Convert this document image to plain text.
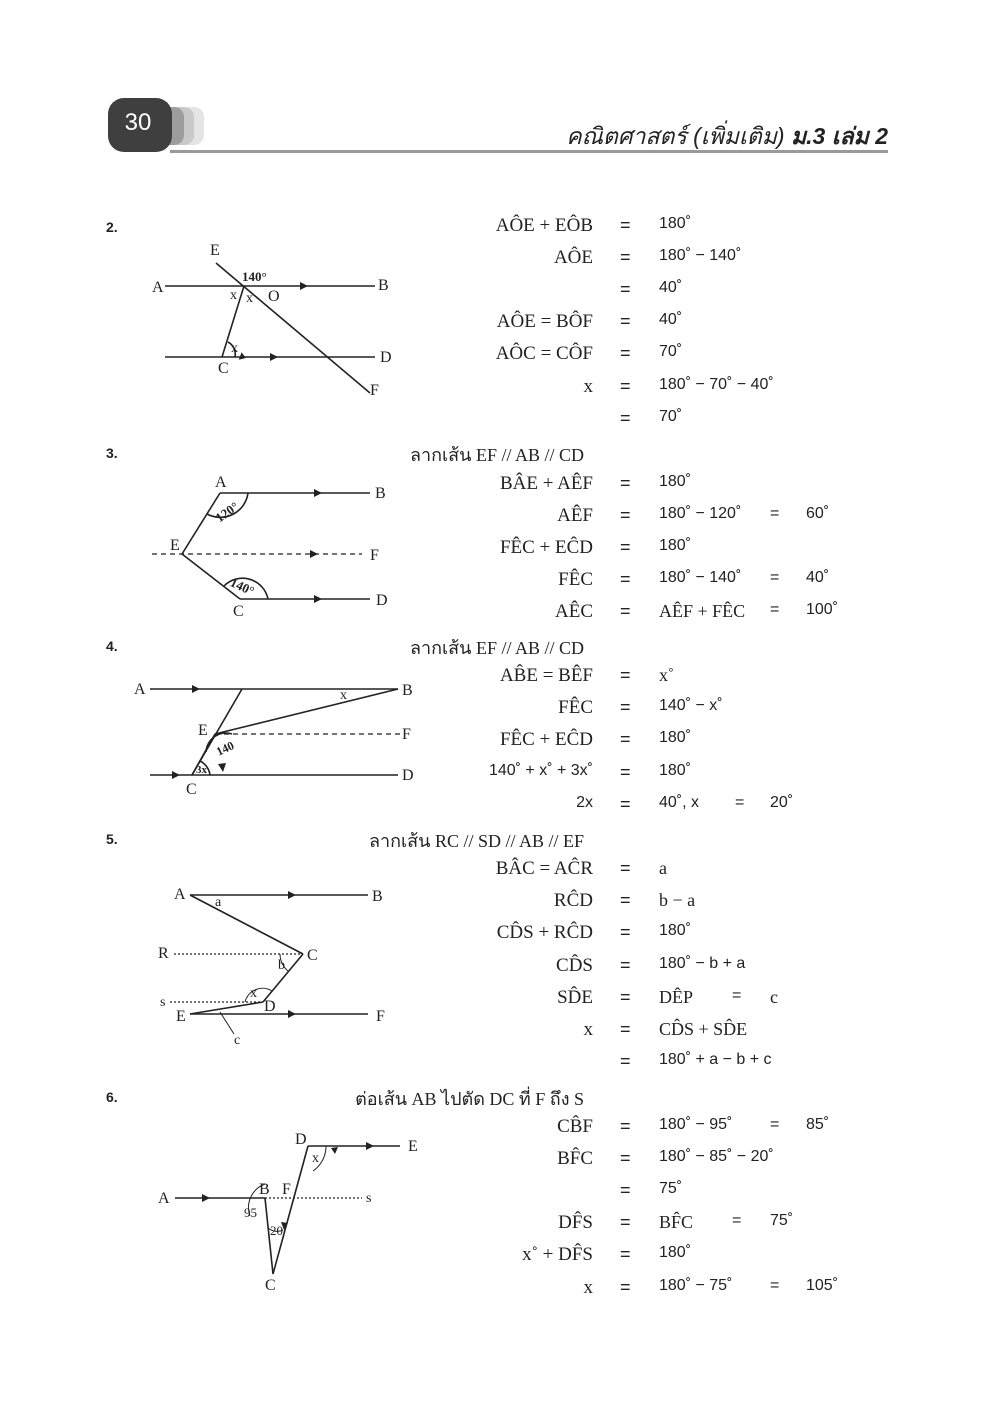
30	คณิตศาสตร์ (เพิ่มเติม) ม.3 เล่ม 2
2.
E
A	B
C
D
F
O
x x
x
140°
AÔE + EÔB = 180˚
AÔE = 180˚ − 140˚
= 40˚
AÔE = BÔF = 40˚
AÔC = CÔF = 70˚
x = 180˚ − 70˚ − 40˚
= 70˚
3.	ลากเส้น EF // AB // CD
A
B
E
F
C
D
120°
140°
BÂE + AÊF = 180˚
AÊF = 180˚ − 120˚ = 60˚
FÊC + EĈD = 180˚
FÊC = 180˚ − 140˚ = 40˚
AÊC = AÊF + FÊC = 100˚
4.	ลากเส้น EF // AB // CD
A	B
E	F
C
D
x
140
3x
AB̂E = BÊF = x˚
FÊC = 140˚ − x˚
FÊC + EĈD = 180˚
140˚ + x˚ + 3x˚ = 180˚
2x = 40˚, x = 20˚
5.	ลากเส้น RC // SD // AB // EF
A	B
R	C
s	D
E	F
a
b
x
c
BÂC = AĈR = a
RĈD = b − a
CD̂S + RĈD = 180˚
CD̂S = 180˚ − b + a
SD̂E = DÊP = c
x = CD̂S + SD̂E
= 180˚ + a − b + c
6.	ต่อเส้น AB ไปตัด DC ที่ F ถึง S
A
B F
s
D	E
C
x
95
20
CB̂F = 180˚ − 95˚ = 85˚
BF̂C = 180˚ − 85˚ − 20˚
= 75˚
DF̂S = BF̂C = 75˚
x˚ + DF̂S = 180˚
x = 180˚ − 75˚ = 105˚
